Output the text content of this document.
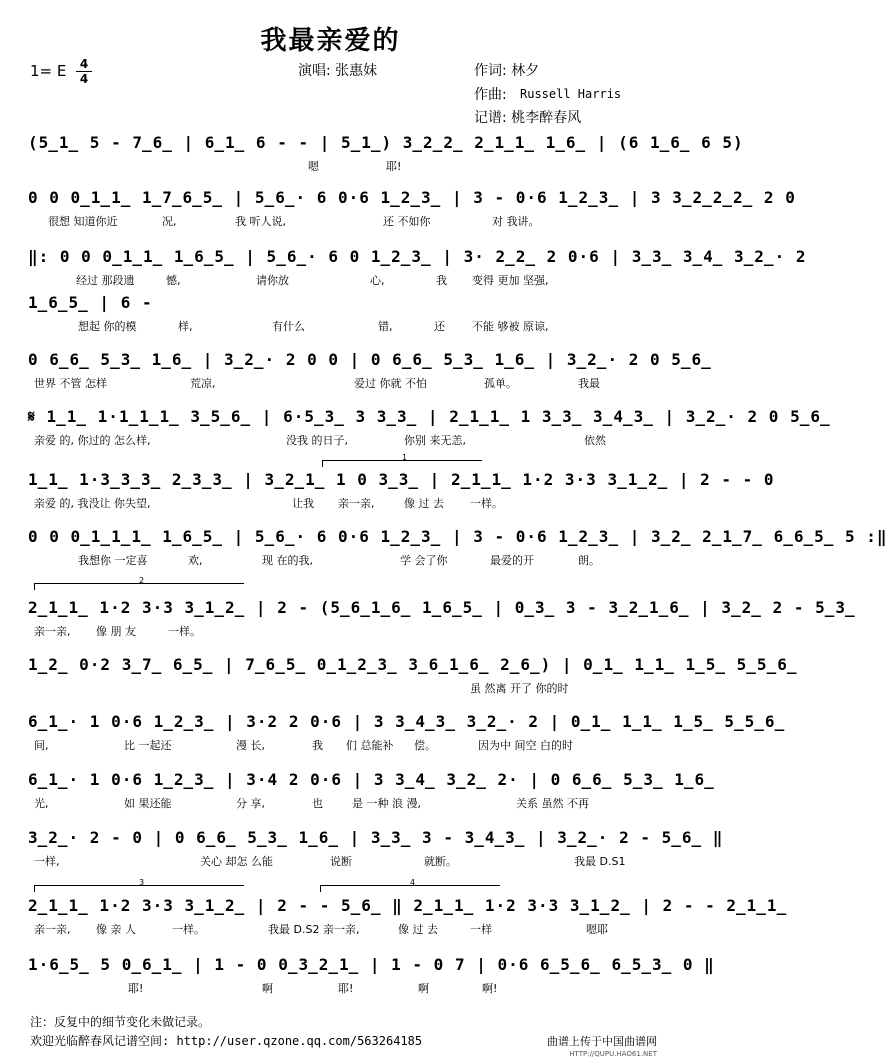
我最亲爱的
1= E	4
4	演唱: 张惠妹	作词: 林夕
作曲: Russell Harris
记谱: 桃李醉春风
(5̲1̲ 5 - 7̲6̲ | 6̲1̲ 6 - - | 5̲1̲) 3̲2̲2̲ 2̲1̲1̲ 1̲6̲ | (6 1̲6̲ 6 5)
嗯	耶!
0 0 0̲1̲1̲ 1̲7̲6̲5̲ | 5̲6̲· 6 0·6 1̲2̲3̲ | 3 - 0·6 1̲2̲3̲ | 3 3̲2̲2̲2̲ 2 0
很想 知道你近	况,	我 听人说,	还 不如你	对 我讲。
‖: 0 0 0̲1̲1̲ 1̲6̲5̲ | 5̲6̲· 6 0 1̲2̲3̲ | 3· 2̲2̲ 2 0·6 | 3̲3̲ 3̲4̲ 3̲2̲· 2
经过 那段遗	憾,	请你放	心,	我 变得 更加 坚强,
1̲6̲5̲ | 6 -
想起 你的模	样,	有什么	错,	还 不能 够被 原谅,
0 6̲6̲ 5̲3̲ 1̲6̲ | 3̲2̲· 2 0 0 | 0 6̲6̲ 5̲3̲ 1̲6̲ | 3̲2̲· 2 0 5̲6̲
世界 不管 怎样	荒凉,	爱过 你就 不怕	孤单。	我最
𝄋 1̲1̲ 1·1̲1̲1̲ 3̲5̲6̲ | 6·5̲3̲ 3 3̲3̲ | 2̲1̲1̲ 1 3̲3̲ 3̲4̲3̲ | 3̲2̲· 2 0 5̲6̲
亲爱 的, 你过的 怎么样,	没我 的日子,	你别 来无恙,	依然
1̲1̲ 1·3̲3̲3̲ 2̲3̲3̲ | 3̲2̲1̲ 1 0 3̲3̲ | 2̲1̲1̲ 1·2 3·3 3̲1̲2̲ | 2 - - 0
亲爱 的, 我没让 你失望,	让我 亲一亲,	像 过 去 一样。
0 0 0̲1̲1̲1̲ 1̲6̲5̲ | 5̲6̲· 6 0·6 1̲2̲3̲ | 3 - 0·6 1̲2̲3̲ | 3̲2̲ 2̲1̲7̲ 6̲6̲5̲ 5 :‖
我想你 一定喜	欢,	现 在的我,	学 会了你	最爱的开	朗。
2̲1̲1̲ 1·2 3·3 3̲1̲2̲ | 2 - (5̲6̲1̲6̲ 1̲6̲5̲ | 0̲3̲ 3 - 3̲2̲1̲6̲ | 3̲2̲ 2 - 5̲3̲
亲一亲, 像 朋 友	一样。
1̲2̲ 0·2 3̲7̲ 6̲5̲ | 7̲6̲5̲ 0̲1̲2̲3̲ 3̲6̲1̲6̲ 2̲6̲) | 0̲1̲ 1̲1̲ 1̲5̲ 5̲5̲6̲
虽 然离 开了 你的时
6̲1̲· 1 0·6 1̲2̲3̲ | 3·2 2 0·6 | 3 3̲4̲3̲ 3̲2̲· 2 | 0̲1̲ 1̲1̲ 1̲5̲ 5̲5̲6̲
间,	比 一起还	漫 长,	我 们 总能补 偿。	因为中 间空 白的时
6̲1̲· 1 0·6 1̲2̲3̲ | 3·4 2 0·6 | 3 3̲4̲ 3̲2̲ 2· | 0 6̲6̲ 5̲3̲ 1̲6̲
光,	如 果还能	分 享,	也	是 一种 浪 漫,	关系 虽然 不再
3̲2̲· 2 - 0 | 0 6̲6̲ 5̲3̲ 1̲6̲ | 3̲3̲ 3 - 3̲4̲3̲ | 3̲2̲· 2 - 5̲6̲ ‖
一样,	关心 却怎 么能	说断	就断。	我最 D.S1
2̲1̲1̲ 1·2 3·3 3̲1̲2̲ | 2 - - 5̲6̲ ‖ 2̲1̲1̲ 1·2 3·3 3̲1̲2̲ | 2 - - 2̲1̲1̲
亲一亲, 像 亲 人	一样。	我最 D.S2 亲一亲,	像 过 去	一样	嗯耶
1·6̲5̲ 5 0̲6̲1̲ | 1 - 0 0̲3̲2̲1̲ | 1 - 0 7 | 0·6 6̲5̲6̲ 6̲5̲3̲ 0 ‖
耶!	啊	耶!	啊	啊!
注：反复中的细节变化未做记录。
欢迎光临醉春风记谱空间: http://user.qzone.qq.com/563264185	曲谱上传于中国曲谱网
HTTP://QUPU.HAO61.NET
1
2
3	4
